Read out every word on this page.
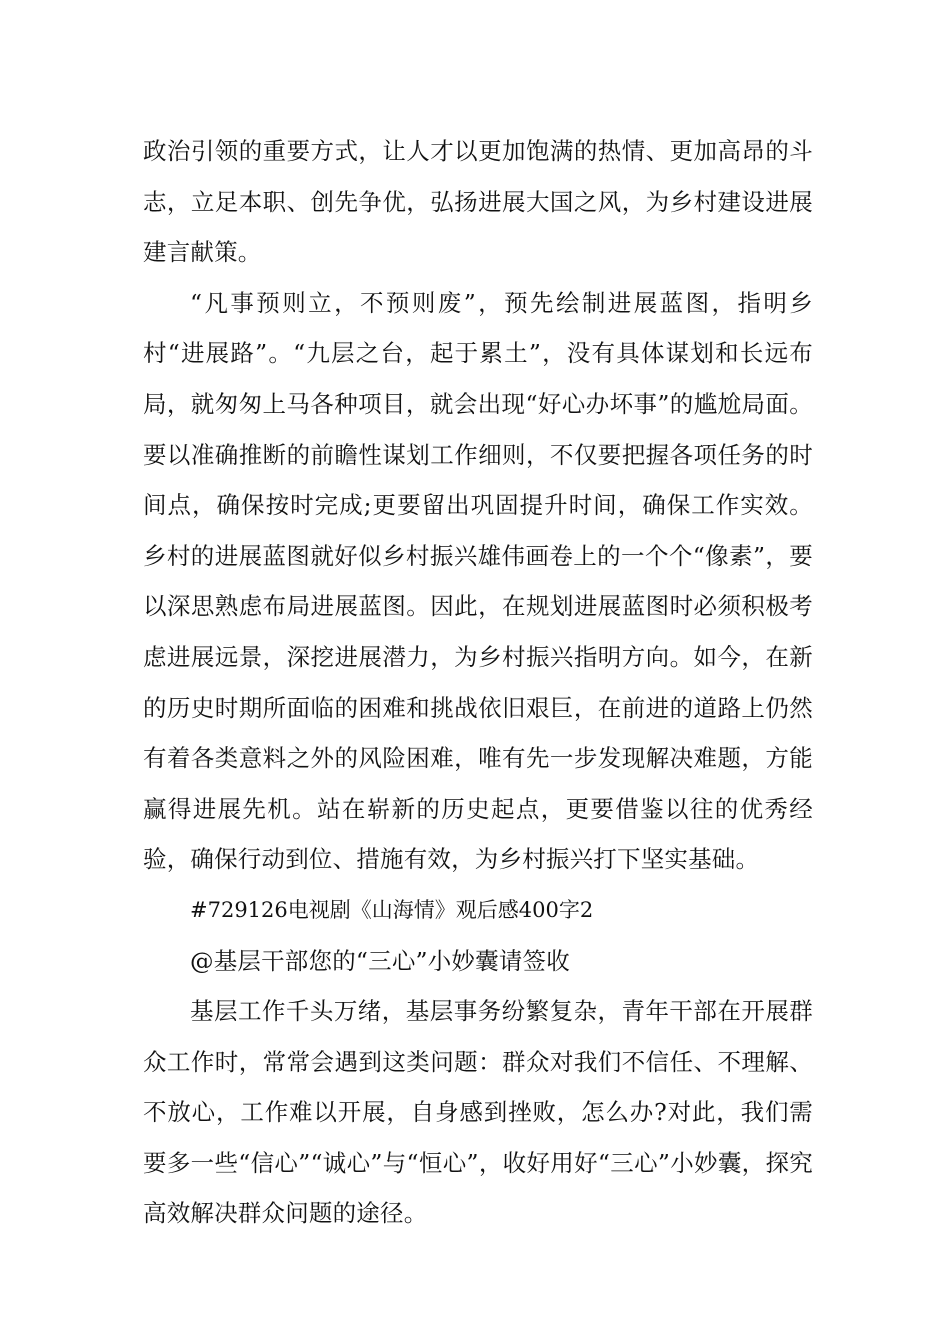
政治引领的重要方式，让人才以更加饱满的热情、更加高昂的斗志，立足本职、创先争优，弘扬进展大国之风，为乡村建设进展建言献策。

“凡事预则立，不预则废”，预先绘制进展蓝图，指明乡村“进展路”。“九层之台，起于累土”，没有具体谋划和长远布局，就匆匆上马各种项目，就会出现“好心办坏事”的尴尬局面。要以准确推断的前瞻性谋划工作细则，不仅要把握各项任务的时间点，确保按时完成;更要留出巩固提升时间，确保工作实效。乡村的进展蓝图就好似乡村振兴雄伟画卷上的一个个“像素”，要以深思熟虑布局进展蓝图。因此，在规划进展蓝图时必须积极考虑进展远景，深挖进展潜力，为乡村振兴指明方向。如今，在新的历史时期所面临的困难和挑战依旧艰巨，在前进的道路上仍然有着各类意料之外的风险困难，唯有先一步发现解决难题，方能赢得进展先机。站在崭新的历史起点，更要借鉴以往的优秀经验，确保行动到位、措施有效，为乡村振兴打下坚实基础。

#729126电视剧《山海情》观后感400字2

@基层干部您的“三心”小妙囊请签收

基层工作千头万绪，基层事务纷繁复杂，青年干部在开展群众工作时，常常会遇到这类问题：群众对我们不信任、不理解、不放心，工作难以开展，自身感到挫败，怎么办?对此，我们需要多一些“信心”“诚心”与“恒心”，收好用好“三心”小妙囊，探究高效解决群众问题的途径。
